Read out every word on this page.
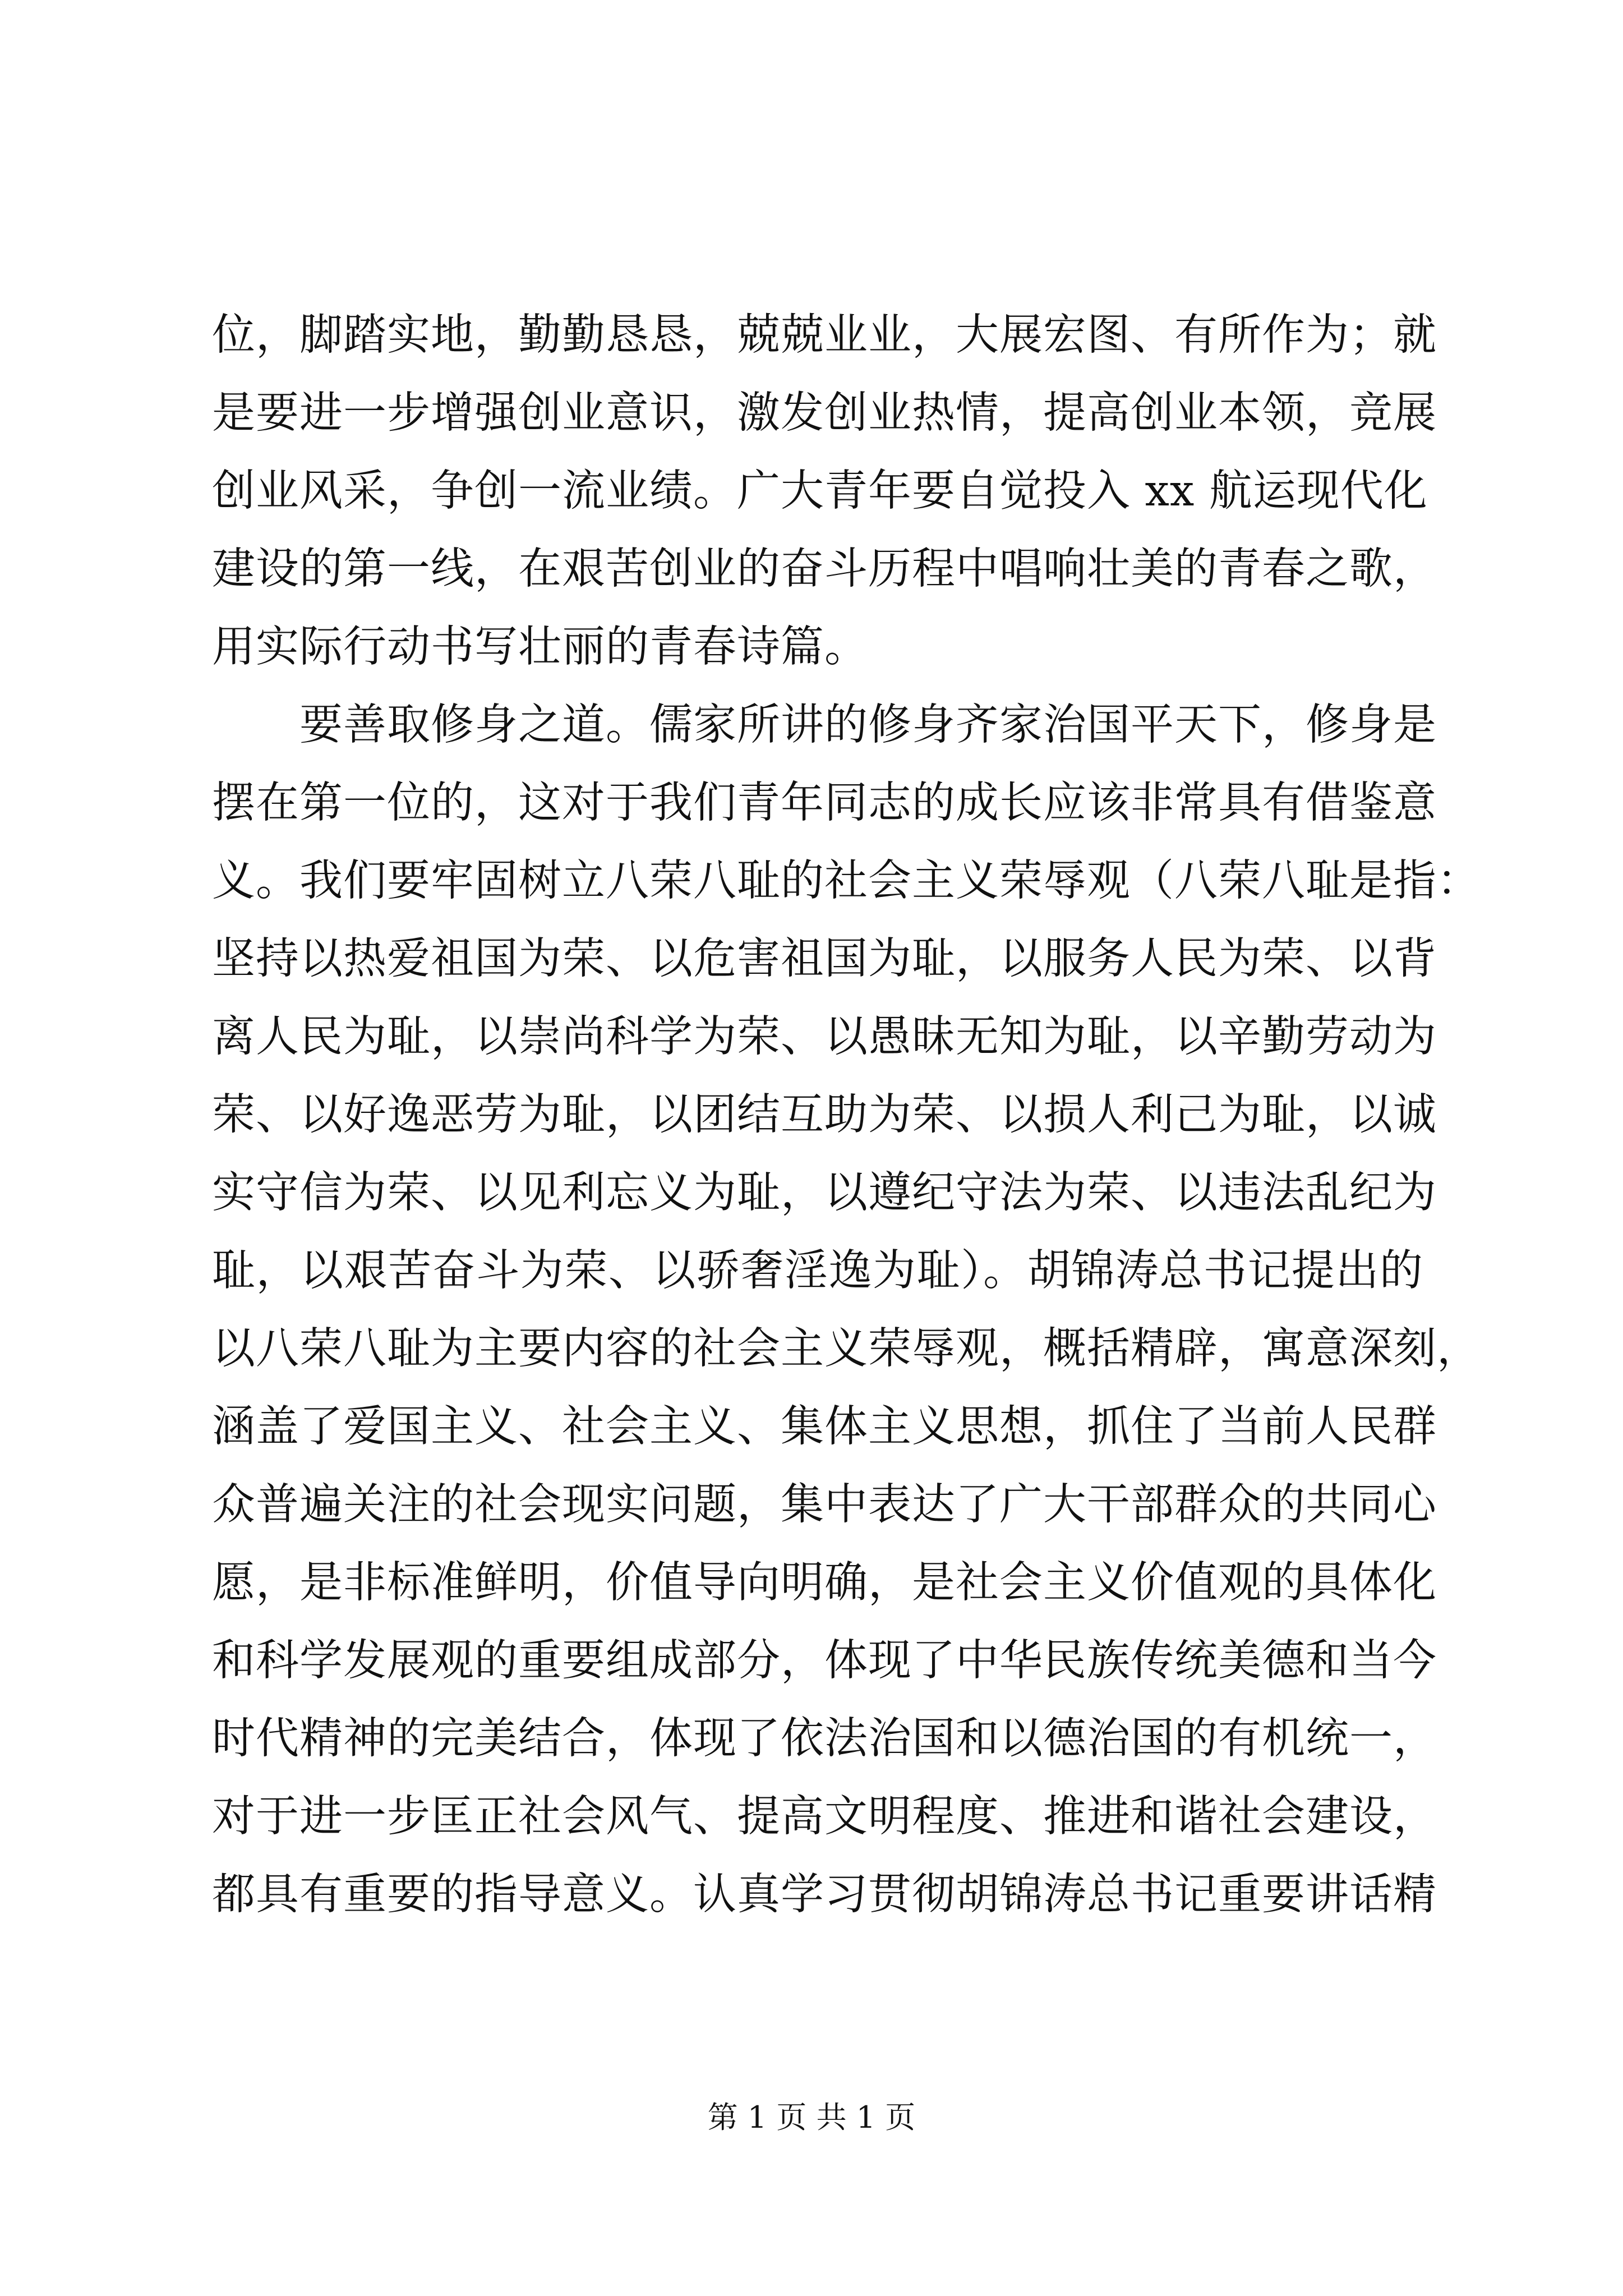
位，脚踏实地，勤勤恳恳，兢兢业业，大展宏图、有所作为；就
是要进一步增强创业意识，激发创业热情，提高创业本领，竞展
创业风采，争创一流业绩。广大青年要自觉投入 xx 航运现代化
建设的第一线，在艰苦创业的奋斗历程中唱响壮美的青春之歌，
用实际行动书写壮丽的青春诗篇。
　　要善取修身之道。儒家所讲的修身齐家治国平天下，修身是
摆在第一位的，这对于我们青年同志的成长应该非常具有借鉴意
义。我们要牢固树立八荣八耻的社会主义荣辱观（八荣八耻是指：
坚持以热爱祖国为荣、以危害祖国为耻，以服务人民为荣、以背
离人民为耻，以崇尚科学为荣、以愚昧无知为耻，以辛勤劳动为
荣、以好逸恶劳为耻，以团结互助为荣、以损人利己为耻，以诚
实守信为荣、以见利忘义为耻，以遵纪守法为荣、以违法乱纪为
耻，以艰苦奋斗为荣、以骄奢淫逸为耻）。胡锦涛总书记提出的
以八荣八耻为主要内容的社会主义荣辱观，概括精辟，寓意深刻，
涵盖了爱国主义、社会主义、集体主义思想，抓住了当前人民群
众普遍关注的社会现实问题，集中表达了广大干部群众的共同心
愿，是非标准鲜明，价值导向明确，是社会主义价值观的具体化
和科学发展观的重要组成部分，体现了中华民族传统美德和当今
时代精神的完美结合，体现了依法治国和以德治国的有机统一，
对于进一步匡正社会风气、提高文明程度、推进和谐社会建设，
都具有重要的指导意义。认真学习贯彻胡锦涛总书记重要讲话精
第 1 页 共 1 页
